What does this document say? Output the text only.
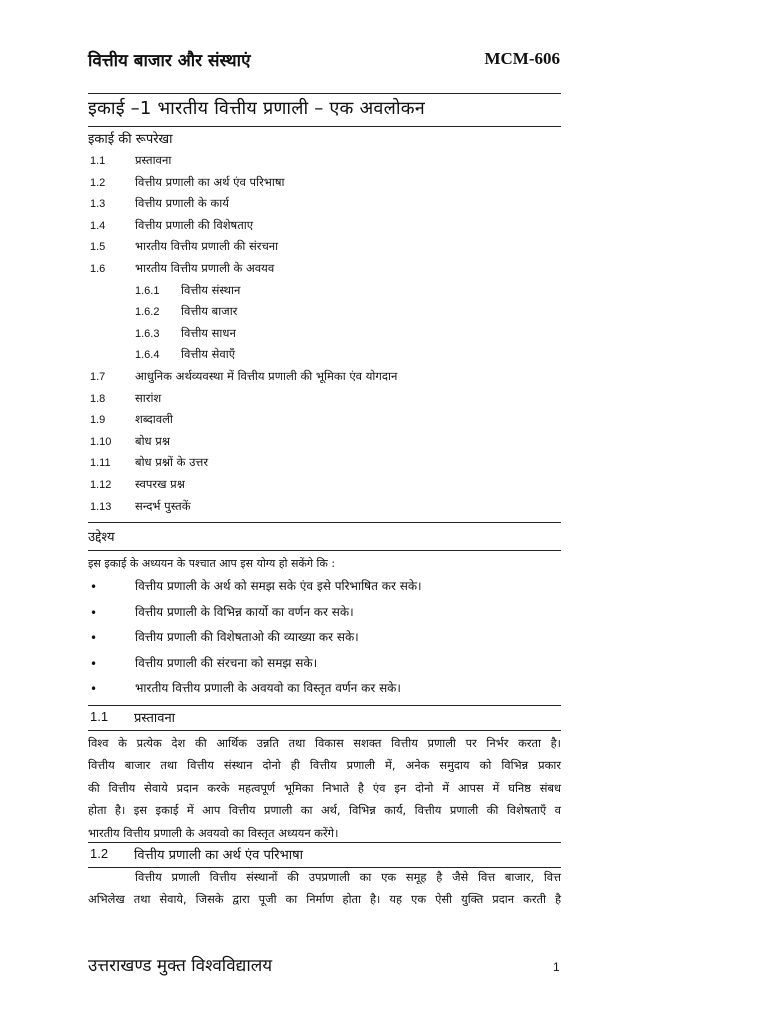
वित्तीय बाजार और संस्थाएं	MCM-606
इकाई –1 भारतीय वित्तीय प्रणाली – एक अवलोकन
इकाई की रूपरेखा
1.1	प्रस्तावना
1.2	वित्तीय प्रणाली का अर्थ एंव परिभाषा
1.3	वित्तीय प्रणाली के कार्य
1.4	वित्तीय प्रणाली की विशेषताए
1.5	भारतीय वित्तीय प्रणाली की संरचना
1.6	भारतीय वित्तीय प्रणाली के अवयव
1.6.1 वित्तीय संस्थान
1.6.2 वित्तीय बाजार
1.6.3 वित्तीय साधन
1.6.4 वित्तीय सेवाएँ
1.7	आधुनिक अर्थव्यवस्था में वित्तीय प्रणाली की भूमिका एंव योगदान
1.8	सारांश
1.9	शब्दावली
1.10 बोध प्रश्न
1.11 बोध प्रश्नों के उत्तर
1.12 स्वपरख प्रश्न
1.13 सन्दर्भ पुस्तकें
उद्देश्य
इस इकाई के अध्ययन के पश्चात आप इस योग्य हो सकेंगे कि :
•	वित्तीय प्रणाली के अर्थ को समझ सके एंव इसे परिभाषित कर सके।
•	वित्तीय प्रणाली के विभिन्न कार्यो का वर्णन कर सके।
•	वित्तीय प्रणाली की विशेषताओ की व्याख्या कर सके।
•	वित्तीय प्रणाली की संरचना को समझ सके।
•	भारतीय वित्तीय प्रणाली के अवयवो का विस्तृत वर्णन कर सके।
1.1 प्रस्तावना
विश्व के प्रत्येक देश की आर्थिक उन्नति तथा विकास सशक्त वित्तीय प्रणाली पर निर्भर करता है।
वित्तीय बाजार तथा वित्तीय संस्थान दोनो ही वित्तीय प्रणाली में, अनेक समुदाय को विभिन्न प्रकार
की वित्तीय सेवाये प्रदान करके महत्वपूर्ण भूमिका निभाते है एंव इन दोनो में आपस में घनिष्ठ संबध
होता है। इस इकाई में आप वित्तीय प्रणाली का अर्थ, विभिन्न कार्य, वित्तीय प्रणाली की विशेषताएँ व
भारतीय वित्तीय प्रणाली के अवयवो का विस्तृत अध्ययन करेंगे।
1.2 वित्तीय प्रणाली का अर्थ एंव परिभाषा
वित्तीय प्रणाली वित्तीय संस्थानों की उपप्रणाली का एक समूह है जैसे वित्त बाजार, वित्त
अभिलेख तथा सेवाये, जिसके द्वारा पूजी का निर्माण होता है। यह एक ऐसी युक्ति प्रदान करती है
उत्तराखण्ड मुक्त विश्वविद्यालय	1
